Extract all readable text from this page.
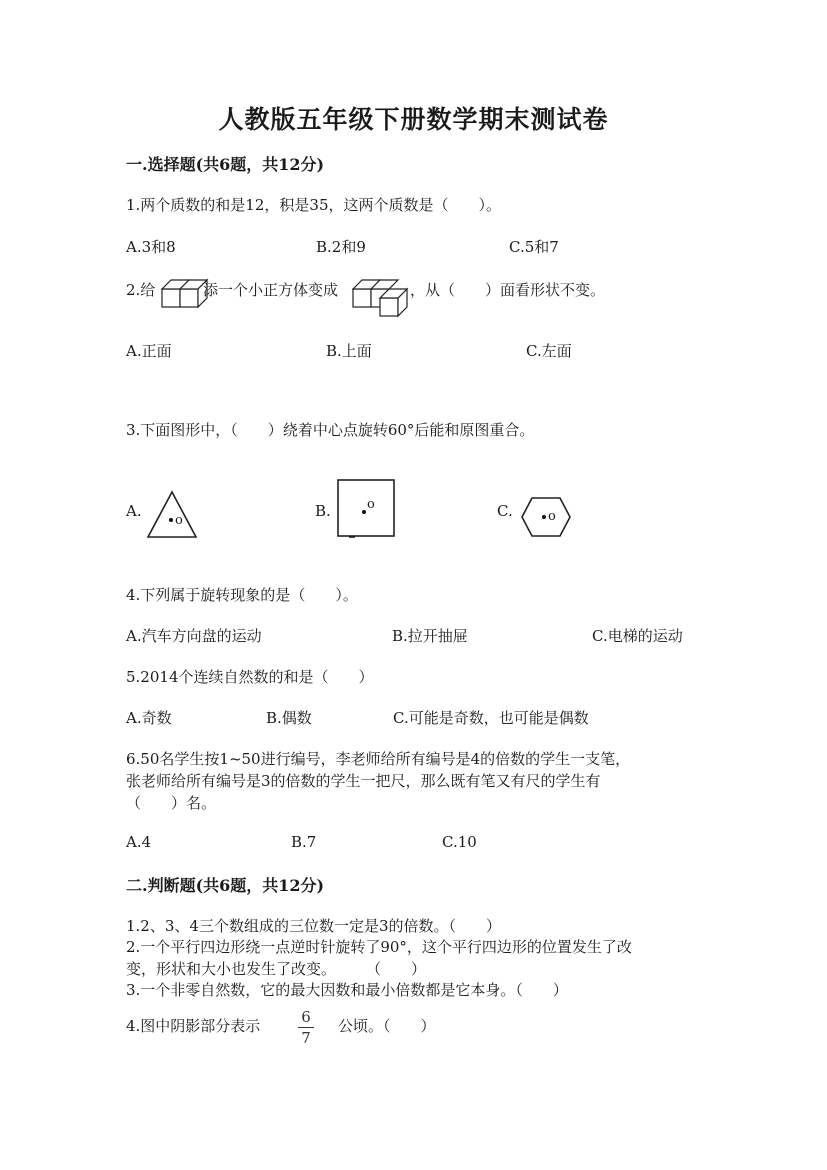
人教版五年级下册数学期末测试卷
一.选择题(共6题，共12分)
1.两个质数的和是12，积是35，这两个质数是（　　）。
A.3和8	B.2和9	C.5和7
2.给	添一个小正方体变成	，从（　　）面看形状不变。
A.正面	B.上面	C.左面
3.下面图形中，（　　）绕着中心点旋转60°后能和原图重合。
A.
o
B.	o	C.	o
4.下列属于旋转现象的是（　　）。
A.汽车方向盘的运动	B.拉开抽屉	C.电梯的运动
5.2014个连续自然数的和是（　　）
A.奇数	B.偶数	C.可能是奇数，也可能是偶数
6.50名学生按1~50进行编号，李老师给所有编号是4的倍数的学生一支笔，
张老师给所有编号是3的倍数的学生一把尺，那么既有笔又有尺的学生有
（　　）名。
A.4	B.7	C.10
二.判断题(共6题，共12分)
1.2、3、4三个数组成的三位数一定是3的倍数。（　　）
2.一个平行四边形绕一点逆时针旋转了90°，这个平行四边形的位置发生了改
变，形状和大小也发生了改变。　　　（　　）
3.一个非零自然数，它的最大因数和最小倍数都是它本身。（　　）
4.图中阴影部分表示	6
7
公顷。（　　）
